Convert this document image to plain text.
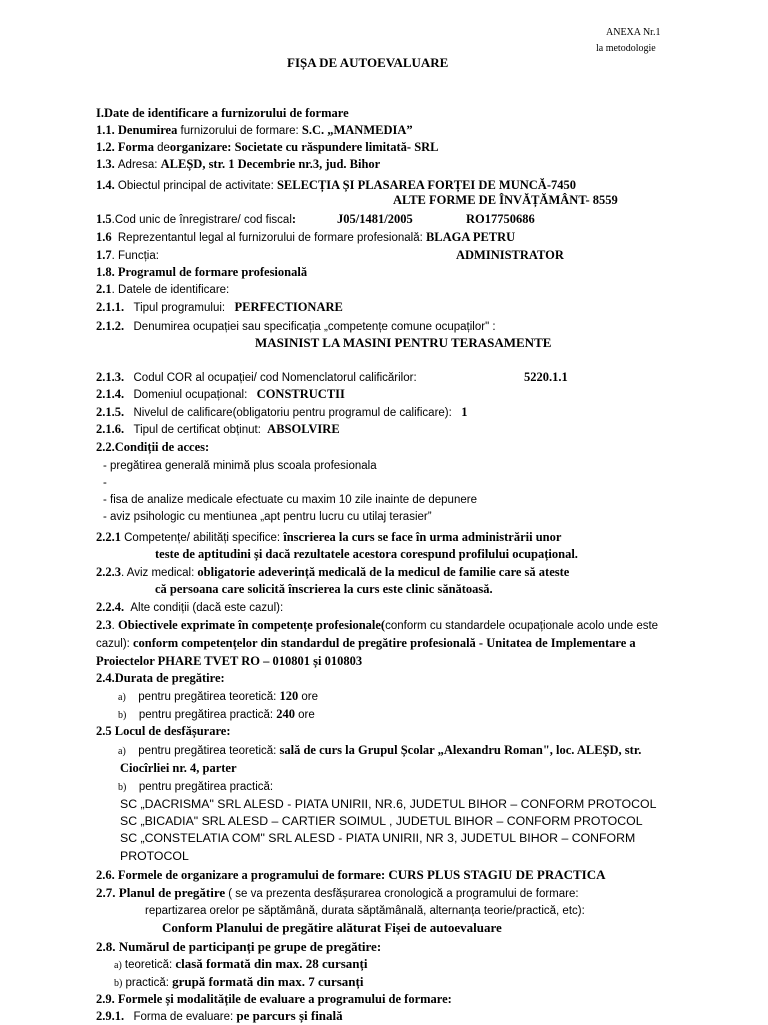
ANEXA Nr.1
la metodologie
FIȘA DE AUTOEVALUARE
I.Date de identificare a furnizorului de formare
1.1. Denumirea furnizorului de formare: S.C. „MANMEDIA”
1.2. Forma deorganizare: Societate cu răspundere limitată- SRL
1.3. Adresa: ALEȘD, str. 1 Decembrie nr.3, jud. Bihor
1.4. Obiectul principal de activitate: SELECȚIA ȘI PLASAREA FORȚEI DE MUNCĂ-7450
ALTE FORME DE ÎNVĂȚĂMÂNT- 8559
1.5.Cod unic de înregistrare/ cod fiscal:	J05/1481/2005	RO17750686
1.6 Reprezentantul legal al furnizorului de formare profesională: BLAGA PETRU
1.7. Funcția:	ADMINISTRATOR
1.8. Programul de formare profesională
2.1. Datele de identificare:
2.1.1. Tipul programului: PERFECTIONARE
2.1.2. Denumirea ocupației sau specificația „competențe comune ocupaților" :
MASINIST LA MASINI PENTRU TERASAMENTE
2.1.3. Codul COR al ocupației/ cod Nomenclatorul calificărilor:	5220.1.1
2.1.4. Domeniul ocupațional: CONSTRUCTII
2.1.5. Nivelul de calificare(obligatoriu pentru programul de calificare): 1
2.1.6. Tipul de certificat obținut: ABSOLVIRE
2.2.Condiții de acces:
- pregătirea generală minimă plus scoala profesionala
-
- fisa de analize medicale efectuate cu maxim 10 zile inainte de depunere
- aviz psihologic cu mentiunea „apt pentru lucru cu utilaj terasier”
2.2.1 Competențe/ abilități specifice: înscrierea la curs se face în urma administrării unor
teste de aptitudini și dacă rezultatele acestora corespund profilului ocupațional.
2.2.3. Aviz medical: obligatorie adeverință medicală de la medicul de familie care să ateste
că persoana care solicită înscrierea la curs este clinic sănătoasă.
2.2.4. Alte condiții (dacă este cazul):
2.3. Obiectivele exprimate în competențe profesionale(conform cu standardele ocupaționale acolo unde este
cazul): conform competențelor din standardul de pregătire profesională - Unitatea de Implementare a
Proiectelor PHARE TVET RO – 010801 și 010803
2.4.Durata de pregătire:
a) pentru pregătirea teoretică: 120 ore
b) pentru pregătirea practică: 240 ore
2.5 Locul de desfășurare:
a) pentru pregătirea teoretică: sală de curs la Grupul Școlar „Alexandru Roman", loc. ALEȘD, str.
Ciocîrliei nr. 4, parter
b) pentru pregătirea practică:
SC „DACRISMA" SRL ALESD - PIATA UNIRII, NR.6, JUDETUL BIHOR – CONFORM PROTOCOL
SC „BICADIA" SRL ALESD – CARTIER SOIMUL , JUDETUL BIHOR – CONFORM PROTOCOL
SC „CONSTELATIA COM" SRL ALESD - PIATA UNIRII, NR 3, JUDETUL BIHOR – CONFORM
PROTOCOL
2.6. Formele de organizare a programului de formare: CURS PLUS STAGIU DE PRACTICA
2.7. Planul de pregătire ( se va prezenta desfășurarea cronologică a programului de formare:
repartizarea orelor pe săptămână, durata săptămânală, alternanța teorie/practică, etc):
Conform Planului de pregătire alăturat Fișei de autoevaluare
2.8. Numărul de participanți pe grupe de pregătire:
a) teoretică: clasă formată din max. 28 cursanți
b) practică: grupă formată din max. 7 cursanți
2.9. Formele și modalitățile de evaluare a programului de formare:
2.9.1. Forma de evaluare: pe parcurs și finală
